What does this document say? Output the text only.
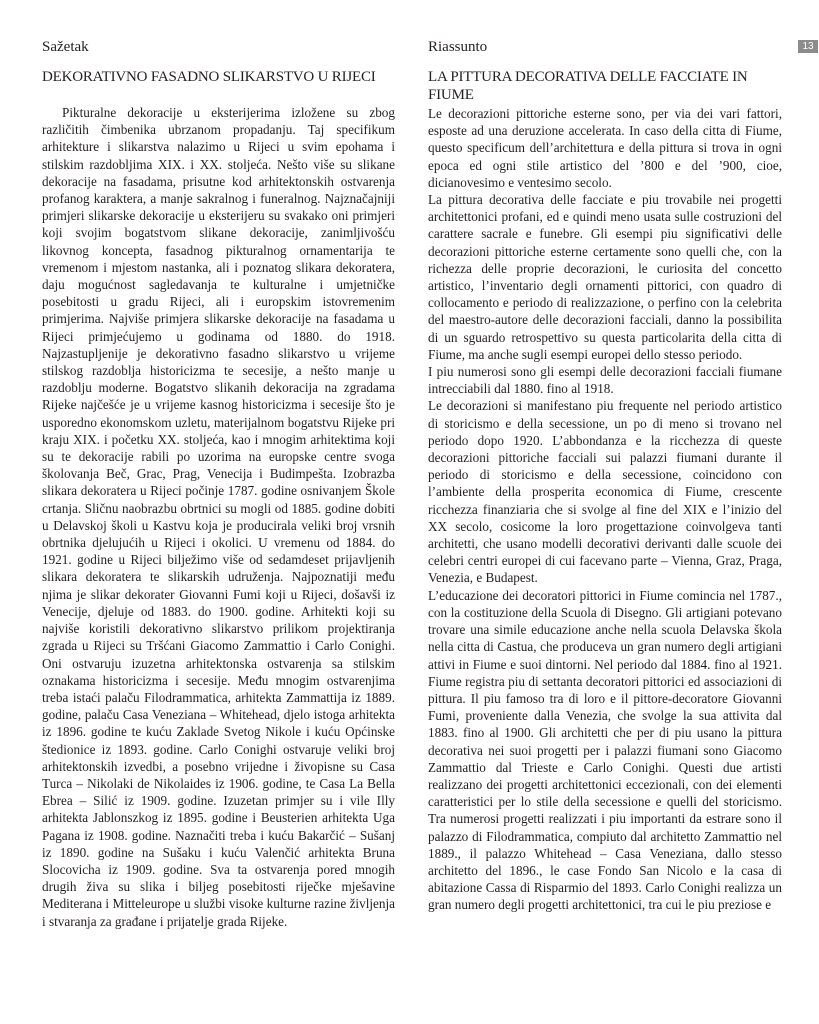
Sažetak
DEKORATIVNO FASADNO SLIKARSTVO U RIJECI

Pikturalne dekoracije u eksterijerima izložene su zbog različitih čimbenika ubrzanom propadanju. Taj specifikum arhitekture i slikarstva nalazimo u Rijeci u svim epohama i stilskim razdobljima XIX. i XX. stoljeća. Nešto više su slikane dekoracije na fasadama, prisutne kod arhitektonskih ostvarenja profanog karaktera, a manje sakralnog i funeralnog. Najznačajniji primjeri slikarske dekoracije u eksterijeru su svakako oni primjeri koji svojim bogatstvom slikane dekoracije, zanimljivošću likovnog koncepta, fasadnog pikturalnog ornamentarija te vremenom i mjestom nastanka, ali i poznatog slikara dekoratera, daju mogućnost sagledavanja te kulturalne i umjetničke posebitosti u gradu Rijeci, ali i europskim istovremenim primjerima. Najviše primjera slikarske dekoracije na fasadama u Rijeci primjećujemo u godinama od 1880. do 1918. Najzastupljenije je dekorativno fasadno slikarstvo u vrijeme stilskog razdoblja historicizma te secesije, a nešto manje u razdoblju moderne. Bogatstvo slikanih dekoracija na zgradama Rijeke najčešće je u vrijeme kasnog historicizma i secesije što je usporedno ekonomskom uzletu, materijalnom bogatstvu Rijeke pri kraju XIX. i početku XX. stoljeća, kao i mnogim arhitektima koji su te dekoracije rabili po uzorima na europske centre svoga školovanja Beč, Grac, Prag, Venecija i Budimpešta. Izobrazba slikara dekoratera u Rijeci počinje 1787. godine osnivanjem Škole crtanja. Sličnu naobrazbu obrtnici su mogli od 1885. godine dobiti u Delavskoj školi u Kastvu koja je producirala veliki broj vrsnih obrtnika djelujućih u Rijeci i okolici. U vremenu od 1884. do 1921. godine u Rijeci bilježimo više od sedamdeset prijavljenih slikara dekoratera te slikarskih udruženja. Najpoznatiji među njima je slikar dekorater Giovanni Fumi koji u Rijeci, došavši iz Venecije, djeluje od 1883. do 1900. godine. Arhitekti koji su najviše koristili dekorativno slikarstvo prilikom projektiranja zgrada u Rijeci su Tršćani Giacomo Zammattio i Carlo Conighi. Oni ostvaruju izuzetna arhitektonska ostvarenja sa stilskim oznakama historicizma i secesije. Među mnogim ostvarenjima treba istaći palaču Filodrammatica, arhitekta Zammattija iz 1889. godine, palaču Casa Veneziana – Whitehead, djelo istoga arhitekta iz 1896. godine te kuću Zaklade Svetog Nikole i kuću Općinske štedionice iz 1893. godine. Carlo Conighi ostvaruje veliki broj arhitektonskih izvedbi, a posebno vrijedne i živopisne su Casa Turca – Nikolaki de Nikolaides iz 1906. godine, te Casa La Bella Ebrea – Silić iz 1909. godine. Izuzetan primjer su i vile Illy arhitekta Jablonszkog iz 1895. godine i Beusterien arhitekta Uga Pagana iz 1908. godine. Naznačiti treba i kuću Bakarčić – Sušanj iz 1890. godine na Sušaku i kuću Valenčić arhitekta Bruna Slocovicha iz 1909. godine. Sva ta ostvarenja pored mnogih drugih živa su slika i biljeg posebitosti riječke mješavine Mediterana i Mitteleurope u službi visoke kulturne razine življenja i stvaranja za građane i prijatelje grada Rijeke.

Riassunto
LA PITTURA DECORATIVA DELLE FACCIATE IN FIUME

Le decorazioni pittoriche esterne sono, per via dei vari fattori, esposte ad una deruzione accelerata. In caso della citta di Fiume, questo specificum dell’architettura e della pittura si trova in ogni epoca ed ogni stile artistico del ’800 e del ’900, cioe, dicianovesimo e ventesimo secolo.

La pittura decorativa delle facciate e piu trovabile nei progetti architettonici profani, ed e quindi meno usata sulle costruzioni del carattere sacrale e funebre. Gli esempi piu significativi delle decorazioni pittoriche esterne certamente sono quelli che, con la richezza delle proprie decorazioni, le curiosita del concetto artistico, l’inventario degli ornamenti pittorici, con quadro di collocamento e periodo di realizzazione, o perfino con la celebrita del maestro-autore delle decorazioni facciali, danno la possibilita di un sguardo retrospettivo su questa particolarita della citta di Fiume, ma anche sugli esempi europei dello stesso periodo.

I piu numerosi sono gli esempi delle decorazioni facciali fiumane intrecciabili dal 1880. fino al 1918.

Le decorazioni si manifestano piu frequente nel periodo artistico di storicismo e della secessione, un po di meno si trovano nel periodo dopo 1920. L’abbondanza e la ricchezza di queste decorazioni pittoriche facciali sui palazzi fiumani durante il periodo di storicismo e della secessione, coincidono con l’ambiente della prosperita economica di Fiume, crescente ricchezza finanziaria che si svolge al fine del XIX e l’inizio del XX secolo, cosicome la loro progettazione coinvolgeva tanti architetti, che usano modelli decorativi derivanti dalle scuole dei celebri centri europei di cui facevano parte – Vienna, Graz, Praga, Venezia, e Budapest.

L’educazione dei decoratori pittorici in Fiume comincia nel 1787., con la costituzione della Scuola di Disegno. Gli artigiani potevano trovare una simile educazione anche nella scuola Delavska škola nella citta di Castua, che produceva un gran numero degli artigiani attivi in Fiume e suoi dintorni. Nel periodo dal 1884. fino al 1921. Fiume registra piu di settanta decoratori pittorici ed associazioni di pittura. Il piu famoso tra di loro e il pittore-decoratore Giovanni Fumi, proveniente dalla Venezia, che svolge la sua attivita dal 1883. fino al 1900. Gli architetti che per di piu usano la pittura decorativa nei suoi progetti per i palazzi fiumani sono Giacomo Zammattio dal Trieste e Carlo Conighi. Questi due artisti realizzano dei progetti architettonici eccezionali, con dei elementi caratteristici per lo stile della secessione e quelli del storicismo. Tra numerosi progetti realizzati i piu importanti da estrare sono il palazzo di Filodrammatica, compiuto dal architetto Zammattio nel 1889., il palazzo Whitehead – Casa Veneziana, dallo stesso architetto del 1896., le case Fondo San Nicolo e la casa di abitazione Cassa di Risparmio del 1893. Carlo Conighi realizza un gran numero degli progetti architettonici, tra cui le piu preziose e

13
